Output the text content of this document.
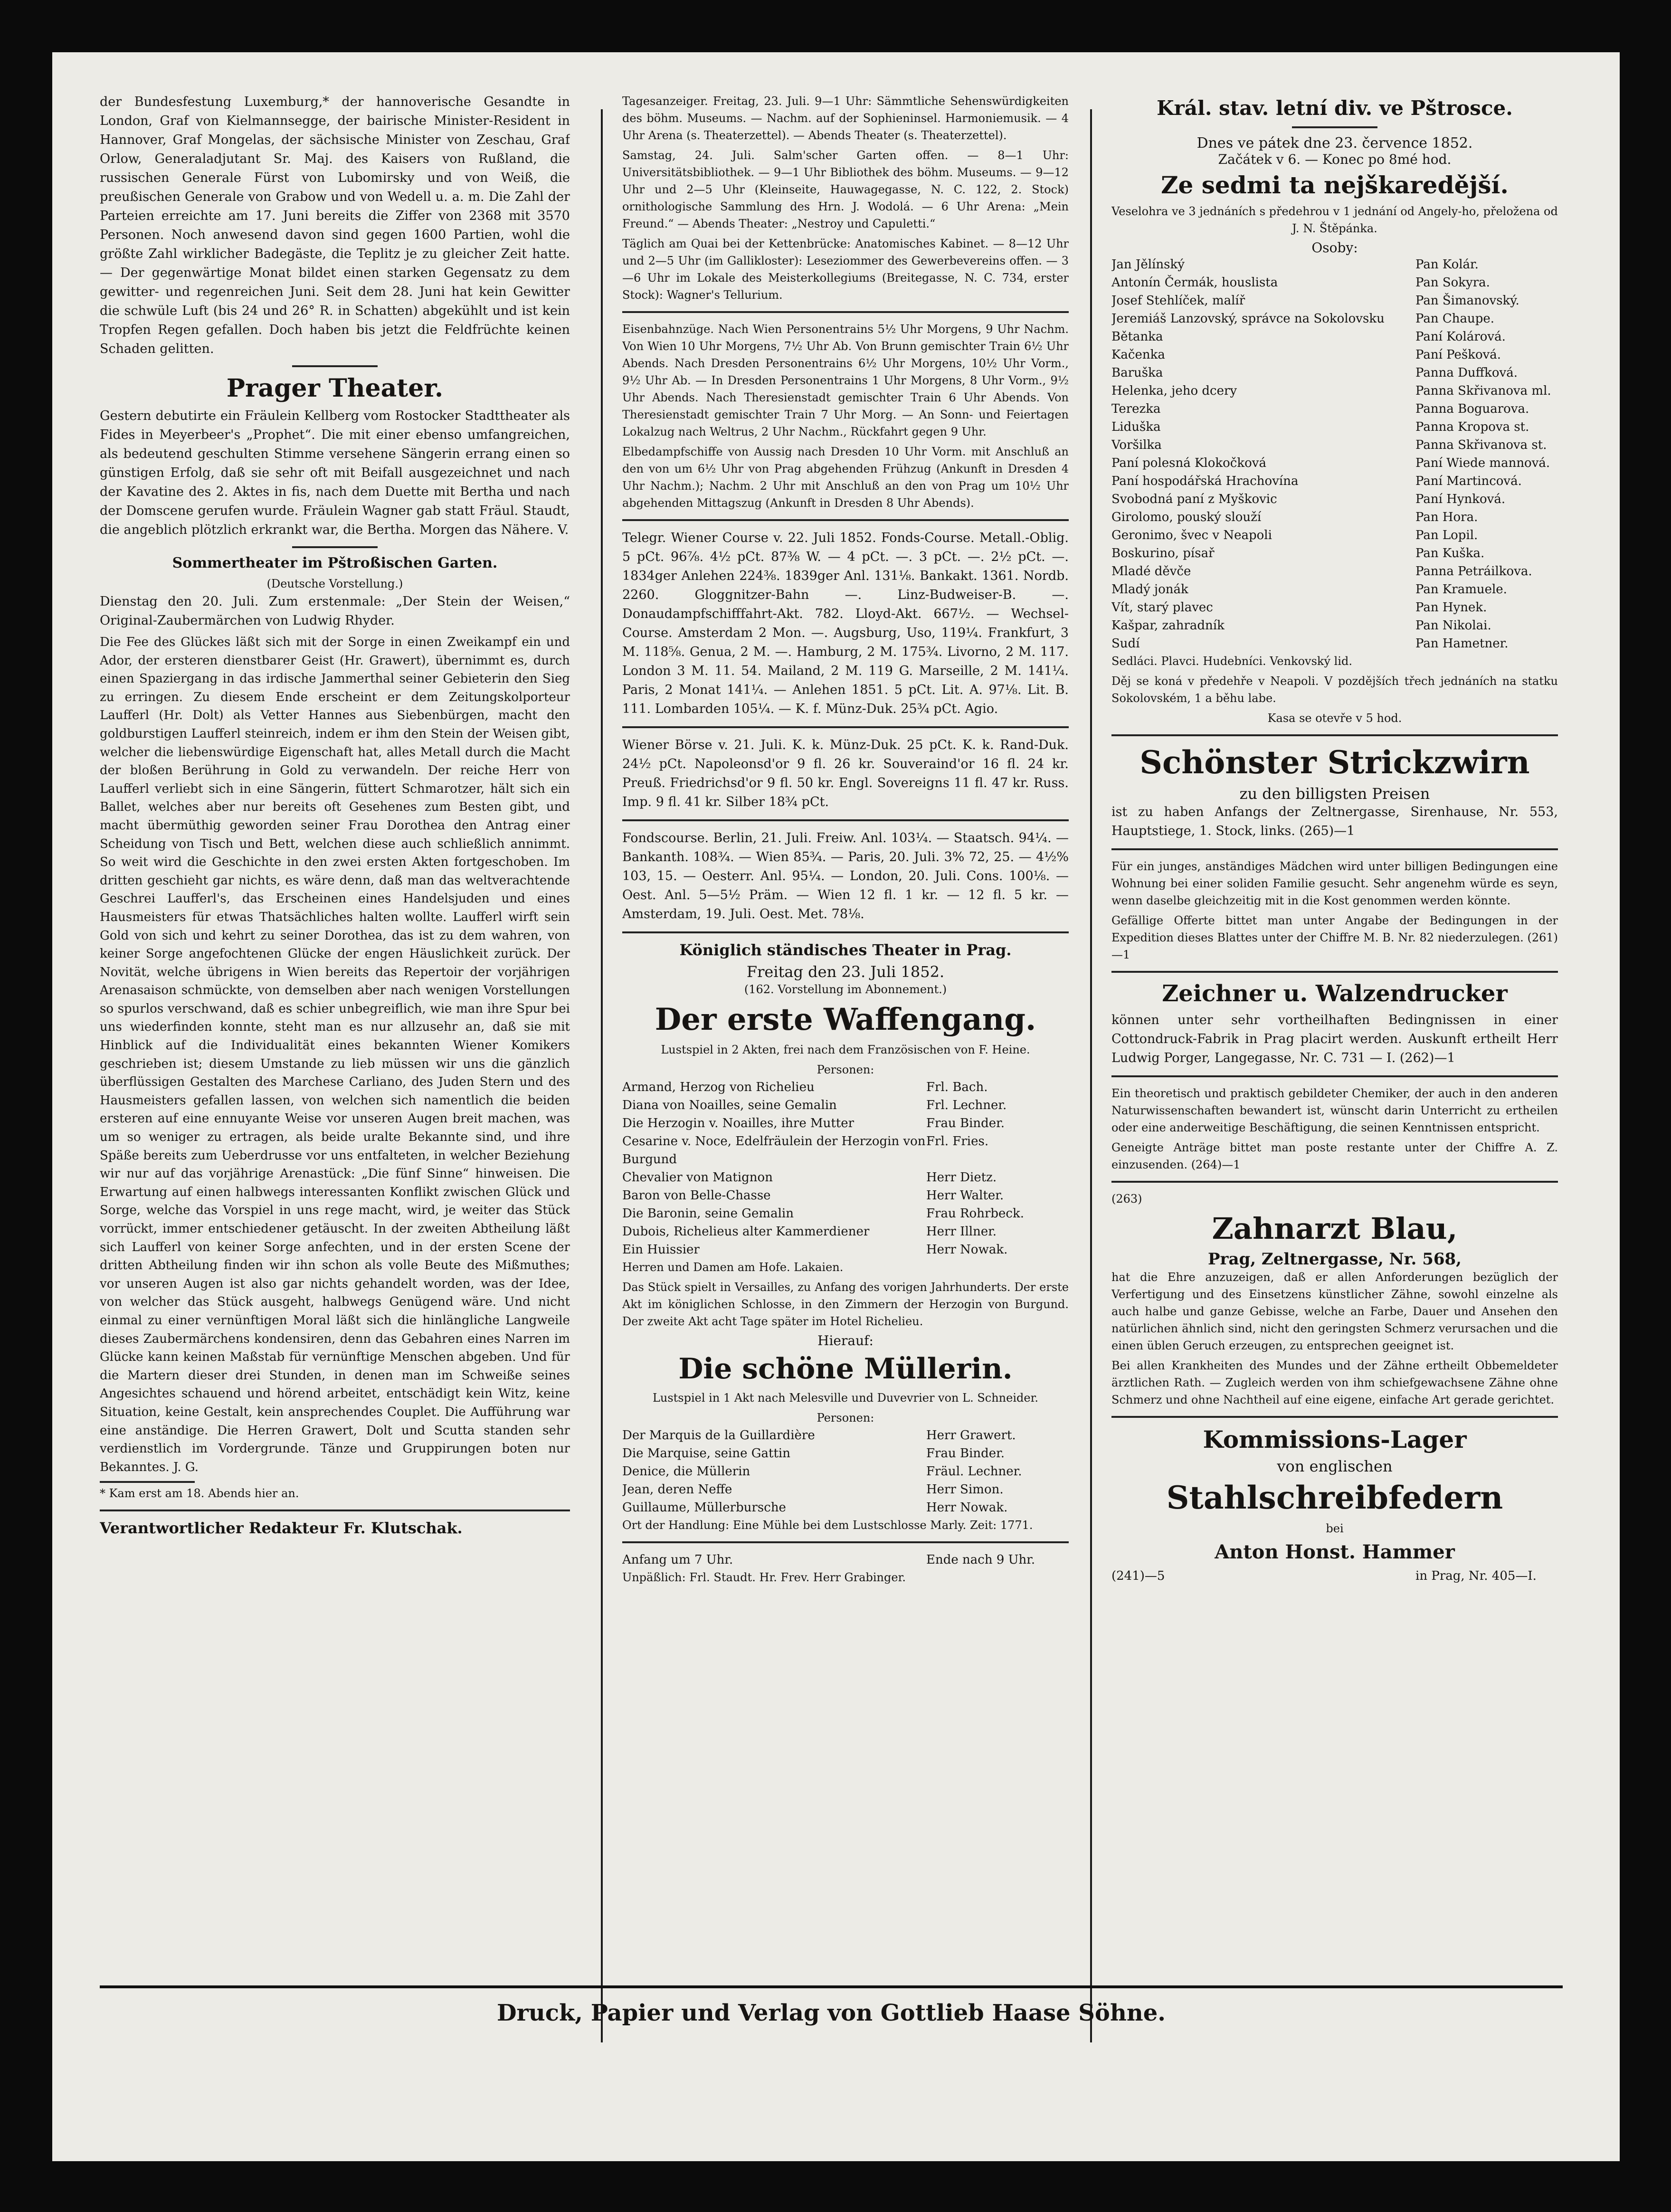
der Bundesfestung Luxemburg,* der hannoverische Gesandte in London, Graf von Kielmannsegge, der bairische Minister-Resident in Hannover, Graf Mongelas, der sächsische Minister von Zeschau, Graf Orlow, Generaladjutant Sr. Maj. des Kaisers von Rußland, die russischen Generale Fürst von Lubomirsky und von Weiß, die preußischen Generale von Grabow und von Wedell u. a. m. Die Zahl der Parteien erreichte am 17. Juni bereits die Ziffer von 2368 mit 3570 Personen. Noch anwesend davon sind gegen 1600 Partien, wohl die größte Zahl wirklicher Badegäste, die Teplitz je zu gleicher Zeit hatte. — Der gegenwärtige Monat bildet einen starken Gegensatz zu dem gewitter- und regenreichen Juni. Seit dem 28. Juni hat kein Gewitter die schwüle Luft (bis 24 und 26° R. in Schatten) abgekühlt und ist kein Tropfen Regen gefallen. Doch haben bis jetzt die Feldfrüchte keinen Schaden gelitten.

Prager Theater.

Gestern debutirte ein Fräulein Kellberg vom Rostocker Stadttheater als Fides in Meyerbeer's „Prophet“. Die mit einer ebenso umfangreichen, als bedeutend geschulten Stimme versehene Sängerin errang einen so günstigen Erfolg, daß sie sehr oft mit Beifall ausgezeichnet und nach der Kavatine des 2. Aktes in fis, nach dem Duette mit Bertha und nach der Domscene gerufen wurde. Fräulein Wagner gab statt Fräul. Staudt, die angeblich plötzlich erkrankt war, die Bertha. Morgen das Nähere. V.

Sommertheater im Pštroßischen Garten.
(Deutsche Vorstellung.)

Dienstag den 20. Juli. Zum erstenmale: „Der Stein der Weisen,“ Original-Zaubermärchen von Ludwig Rhyder.

Die Fee des Glückes läßt sich mit der Sorge in einen Zweikampf ein und Ador, der ersteren dienstbarer Geist (Hr. Grawert), übernimmt es, durch einen Spaziergang in das irdische Jammerthal seiner Gebieterin den Sieg zu erringen. Zu diesem Ende erscheint er dem Zeitungskolporteur Laufferl (Hr. Dolt) als Vetter Hannes aus Siebenbürgen, macht den goldburstigen Laufferl steinreich, indem er ihm den Stein der Weisen gibt, welcher die liebenswürdige Eigenschaft hat, alles Metall durch die Macht der bloßen Berührung in Gold zu verwandeln. Der reiche Herr von Laufferl verliebt sich in eine Sängerin, füttert Schmarotzer, hält sich ein Ballet, welches aber nur bereits oft Gesehenes zum Besten gibt, und macht übermüthig geworden seiner Frau Dorothea den Antrag einer Scheidung von Tisch und Bett, welchen diese auch schließlich annimmt. So weit wird die Geschichte in den zwei ersten Akten fortgeschoben. Im dritten geschieht gar nichts, es wäre denn, daß man das weltverachtende Geschrei Laufferl's, das Erscheinen eines Handelsjuden und eines Hausmeisters für etwas Thatsächliches halten wollte. Laufferl wirft sein Gold von sich und kehrt zu seiner Dorothea, das ist zu dem wahren, von keiner Sorge angefochtenen Glücke der engen Häuslichkeit zurück. Der Novität, welche übrigens in Wien bereits das Repertoir der vorjährigen Arenasaison schmückte, von demselben aber nach wenigen Vorstellungen so spurlos verschwand, daß es schier unbegreiflich, wie man ihre Spur bei uns wiederfinden konnte, steht man es nur allzusehr an, daß sie mit Hinblick auf die Individualität eines bekannten Wiener Komikers geschrieben ist; diesem Umstande zu lieb müssen wir uns die gänzlich überflüssigen Gestalten des Marchese Carliano, des Juden Stern und des Hausmeisters gefallen lassen, von welchen sich namentlich die beiden ersteren auf eine ennuyante Weise vor unseren Augen breit machen, was um so weniger zu ertragen, als beide uralte Bekannte sind, und ihre Späße bereits zum Ueberdrusse vor uns entfalteten, in welcher Beziehung wir nur auf das vorjährige Arenastück: „Die fünf Sinne“ hinweisen. Die Erwartung auf einen halbwegs interessanten Konflikt zwischen Glück und Sorge, welche das Vorspiel in uns rege macht, wird, je weiter das Stück vorrückt, immer entschiedener getäuscht. In der zweiten Abtheilung läßt sich Laufferl von keiner Sorge anfechten, und in der ersten Scene der dritten Abtheilung finden wir ihn schon als volle Beute des Mißmuthes; vor unseren Augen ist also gar nichts gehandelt worden, was der Idee, von welcher das Stück ausgeht, halbwegs Genügend wäre. Und nicht einmal zu einer vernünftigen Moral läßt sich die hinlängliche Langweile dieses Zaubermärchens kondensiren, denn das Gebahren eines Narren im Glücke kann keinen Maßstab für vernünftige Menschen abgeben. Und für die Martern dieser drei Stunden, in denen man im Schweiße seines Angesichtes schauend und hörend arbeitet, entschädigt kein Witz, keine Situation, keine Gestalt, kein ansprechendes Couplet. Die Aufführung war eine anständige. Die Herren Grawert, Dolt und Scutta standen sehr verdienstlich im Vordergrunde. Tänze und Gruppirungen boten nur Bekanntes. J. G.

* Kam erst am 18. Abends hier an.

Verantwortlicher Redakteur Fr. Klutschak.

Tagesanzeiger. Freitag, 23. Juli. 9—1 Uhr: Sämmtliche Sehenswürdigkeiten des böhm. Museums. — Nachm. auf der Sophieninsel. Harmoniemusik. — 4 Uhr Arena (s. Theaterzettel). — Abends Theater (s. Theaterzettel).

Samstag, 24. Juli. Salm'scher Garten offen. — 8—1 Uhr: Universitätsbibliothek. — 9—1 Uhr Bibliothek des böhm. Museums. — 9—12 Uhr und 2—5 Uhr (Kleinseite, Hauwagegasse, N. C. 122, 2. Stock) ornithologische Sammlung des Hrn. J. Wodolá. — 6 Uhr Arena: „Mein Freund.“ — Abends Theater: „Nestroy und Capuletti.“

Täglich am Quai bei der Kettenbrücke: Anatomisches Kabinet. — 8—12 Uhr und 2—5 Uhr (im Gallikloster): Leseziommer des Gewerbevereins offen. — 3—6 Uhr im Lokale des Meisterkollegiums (Breitegasse, N. C. 734, erster Stock): Wagner's Tellurium.

Eisenbahnzüge. Nach Wien Personentrains 5½ Uhr Morgens, 9 Uhr Nachm. Von Wien 10 Uhr Morgens, 7½ Uhr Ab. Von Brunn gemischter Train 6½ Uhr Abends. Nach Dresden Personentrains 6½ Uhr Morgens, 10½ Uhr Vorm., 9½ Uhr Ab. — In Dresden Personentrains 1 Uhr Morgens, 8 Uhr Vorm., 9½ Uhr Abends. Nach Theresienstadt gemischter Train 6 Uhr Abends. Von Theresienstadt gemischter Train 7 Uhr Morg. — An Sonn- und Feiertagen Lokalzug nach Weltrus, 2 Uhr Nachm., Rückfahrt gegen 9 Uhr.

Elbedampfschiffe von Aussig nach Dresden 10 Uhr Vorm. mit Anschluß an den von um 6½ Uhr von Prag abgehenden Frühzug (Ankunft in Dresden 4 Uhr Nachm.); Nachm. 2 Uhr mit Anschluß an den von Prag um 10½ Uhr abgehenden Mittagszug (Ankunft in Dresden 8 Uhr Abends).

Telegr. Wiener Course v. 22. Juli 1852. Fonds-Course. Metall.-Oblig. 5 pCt. 96⅞. 4½ pCt. 87⅜ W. — 4 pCt. —. 3 pCt. —. 2½ pCt. —. 1834ger Anlehen 224⅜. 1839ger Anl. 131⅛. Bankakt. 1361. Nordb. 2260. Gloggnitzer-Bahn —. Linz-Budweiser-B. —. Donaudampfschifffahrt-Akt. 782. Lloyd-Akt. 667½. — Wechsel-Course. Amsterdam 2 Mon. —. Augsburg, Uso, 119¼. Frankfurt, 3 M. 118⅝. Genua, 2 M. —. Hamburg, 2 M. 175¾. Livorno, 2 M. 117. London 3 M. 11. 54. Mailand, 2 M. 119 G. Marseille, 2 M. 141¼. Paris, 2 Monat 141¼. — Anlehen 1851. 5 pCt. Lit. A. 97⅛. Lit. B. 111. Lombarden 105¼. — K. f. Münz-Duk. 25¾ pCt. Agio.

Wiener Börse v. 21. Juli. K. k. Münz-Duk. 25 pCt. K. k. Rand-Duk. 24½ pCt. Napoleonsd'or 9 fl. 26 kr. Souveraind'or 16 fl. 24 kr. Preuß. Friedrichsd'or 9 fl. 50 kr. Engl. Sovereigns 11 fl. 47 kr. Russ. Imp. 9 fl. 41 kr. Silber 18¾ pCt.

Fondscourse. Berlin, 21. Juli. Freiw. Anl. 103¼. — Staatsch. 94¼. — Bankanth. 108¾. — Wien 85¾. — Paris, 20. Juli. 3% 72, 25. — 4½% 103, 15. — Oesterr. Anl. 95¼. — London, 20. Juli. Cons. 100⅛. — Oest. Anl. 5—5½ Präm. — Wien 12 fl. 1 kr. — 12 fl. 5 kr. — Amsterdam, 19. Juli. Oest. Met. 78⅛.

Königlich ständisches Theater in Prag.
Freitag den 23. Juli 1852.
(162. Vorstellung im Abonnement.)
Der erste Waffengang.

Lustspiel in 2 Akten, frei nach dem Französischen von F. Heine.

Personen:
Armand, Herzog von Richelieu	Frl. Bach.
Diana von Noailles, seine Gemalin	Frl. Lechner.
Die Herzogin v. Noailles, ihre Mutter	Frau Binder.
Cesarine v. Noce, Edelfräulein der Herzogin von Burgund
Frl. Fries.
Chevalier von Matignon	Herr Dietz.
Baron von Belle-Chasse	Herr Walter.
Die Baronin, seine Gemalin	Frau Rohrbeck.
Dubois, Richelieus alter Kammerdiener	Herr Illner.
Ein Huissier	Herr Nowak.

Herren und Damen am Hofe. Lakaien.

Das Stück spielt in Versailles, zu Anfang des vorigen Jahrhunderts. Der erste Akt im königlichen Schlosse, in den Zimmern der Herzogin von Burgund. Der zweite Akt acht Tage später im Hotel Richelieu.

Hierauf:
Die schöne Müllerin.

Lustspiel in 1 Akt nach Melesville und Duvevrier von L. Schneider.

Personen:
Der Marquis de la Guillardière	Herr Grawert.
Die Marquise, seine Gattin	Frau Binder.
Denice, die Müllerin	Fräul. Lechner.
Jean, deren Neffe	Herr Simon.
Guillaume, Müllerbursche	Herr Nowak.

Ort der Handlung: Eine Mühle bei dem Lustschlosse Marly. Zeit: 1771.

Anfang um 7 Uhr.	Ende nach 9 Uhr.

Unpäßlich: Frl. Staudt. Hr. Frev. Herr Grabinger.

Král. stav. letní div. ve Pštrosce.
Dnes ve pátek dne 23. července 1852.
Začátek v 6. — Konec po 8mé hod.
Ze sedmi ta nejškaredější.

Veselohra ve 3 jednáních s předehrou v 1 jednání od Angely-ho, přeložena od J. N. Štěpánka.

Osoby:
Jan Jělínský	Pan Kolár.
Antonín Čermák, houslista	Pan Sokyra.
Josef Stehlíček, malíř	Pan Šimanovský.
Jeremiáš Lanzovský, správce na Sokolovsku	Pan Chaupe.
Bětanka	Paní Kolárová.
Kačenka	Paní Pešková.
Baruška	Panna Duffková.
Helenka, jeho dcery	Panna Skřivanova ml.
Terezka	Panna Boguarova.
Liduška	Panna Kropova st.
Voršilka	Panna Skřivanova st.
Paní polesná Klokočková	Paní Wiede mannová.
Paní hospodářská Hrachovína	Paní Martincová.
Svobodná paní z Myškovic	Paní Hynková.
Girolomo, pouský slouží	Pan Hora.
Geronimo, švec v Neapoli	Pan Lopil.
Boskurino, písař	Pan Kuška.
Mladé děvče	Panna Petráilkova.
Mladý jonák	Pan Kramuele.
Vít, starý plavec	Pan Hynek.
Kašpar, zahradník	Pan Nikolai.
Sudí	Pan Hametner.

Sedláci. Plavci. Hudebníci. Venkovský lid.

Děj se koná v předehře v Neapoli. V pozdějších třech jednáních na statku Sokolovském, 1 a běhu labe.

Kasa se otevře v 5 hod.
Schönster Strickzwirn
zu den billigsten Preisen

ist zu haben Anfangs der Zeltnergasse, Sirenhause, Nr. 553, Hauptstiege, 1. Stock, links. (265)—1

Für ein junges, anständiges Mädchen wird unter billigen Bedingungen eine Wohnung bei einer soliden Familie gesucht. Sehr angenehm würde es seyn, wenn daselbe gleichzeitig mit in die Kost genommen werden könnte.

Gefällige Offerte bittet man unter Angabe der Bedingungen in der Expedition dieses Blattes unter der Chiffre M. B. Nr. 82 niederzulegen. (261)—1

Zeichner u. Walzendrucker

können unter sehr vortheilhaften Bedingnissen in einer Cottondruck-Fabrik in Prag placirt werden. Auskunft ertheilt Herr Ludwig Porger, Langegasse, Nr. C. 731 — I. (262)—1

Ein theoretisch und praktisch gebildeter Chemiker, der auch in den anderen Naturwissenschaften bewandert ist, wünscht darin Unterricht zu ertheilen oder eine anderweitige Beschäftigung, die seinen Kenntnissen entspricht.

Geneigte Anträge bittet man poste restante unter der Chiffre A. Z. einzusenden. (264)—1

(263)
Zahnarzt Blau,
Prag, Zeltnergasse, Nr. 568,

hat die Ehre anzuzeigen, daß er allen Anforderungen bezüglich der Verfertigung und des Einsetzens künstlicher Zähne, sowohl einzelne als auch halbe und ganze Gebisse, welche an Farbe, Dauer und Ansehen den natürlichen ähnlich sind, nicht den geringsten Schmerz verursachen und die einen üblen Geruch erzeugen, zu entsprechen geeignet ist.

Bei allen Krankheiten des Mundes und der Zähne ertheilt Obbemeldeter ärztlichen Rath. — Zugleich werden von ihm schiefgewachsene Zähne ohne Schmerz und ohne Nachtheil auf eine eigene, einfache Art gerade gerichtet.

Kommissions-Lager
von englischen
Stahlschreibfedern
bei
Anton Honst. Hammer
(241)—5	in Prag, Nr. 405—I.
Druck, Papier und Verlag von Gottlieb Haase Söhne.
